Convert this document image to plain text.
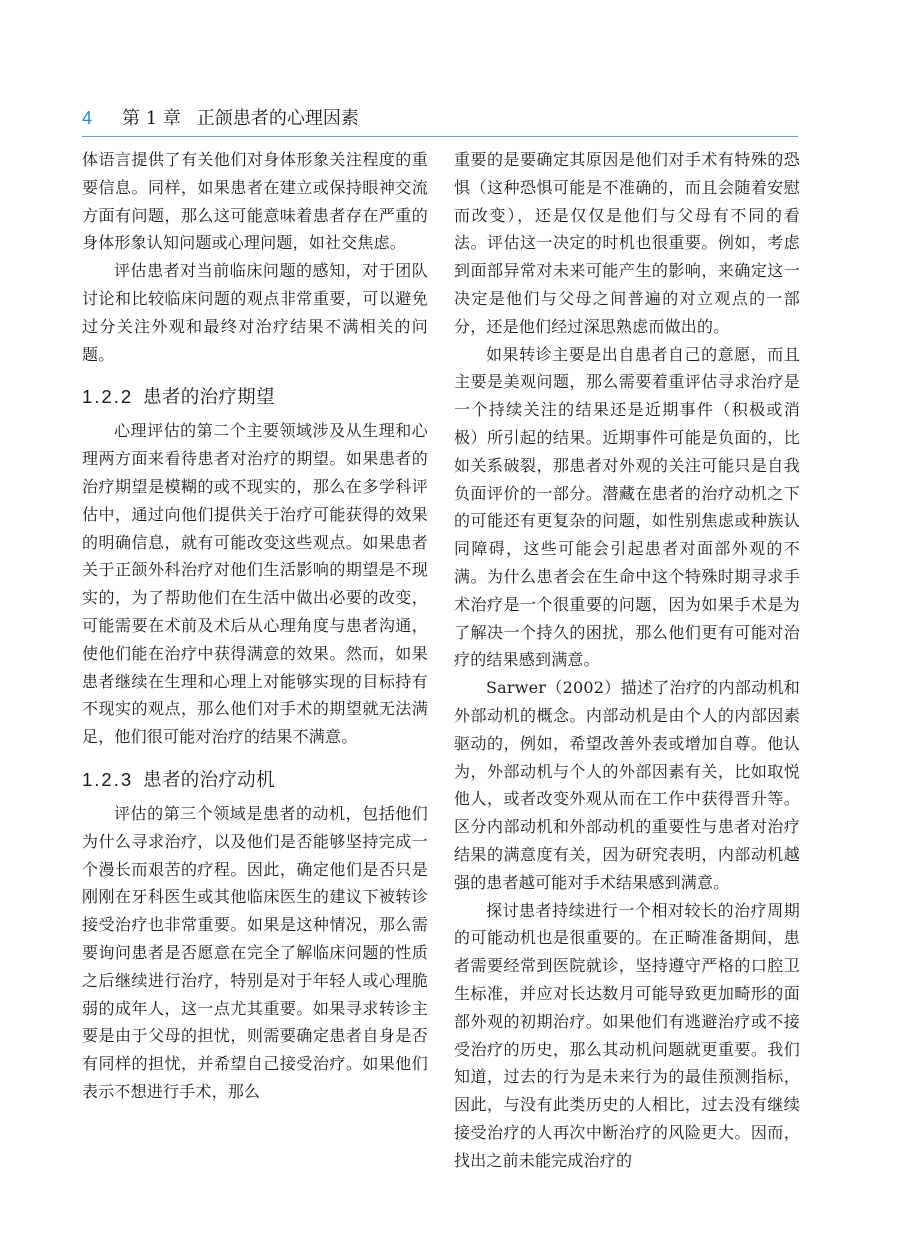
4 第 1 章 正颌患者的心理因素

体语言提供了有关他们对身体形象关注程度的重要信息。同样，如果患者在建立或保持眼神交流方面有问题，那么这可能意味着患者存在严重的身体形象认知问题或心理问题，如社交焦虑。

评估患者对当前临床问题的感知，对于团队讨论和比较临床问题的观点非常重要，可以避免过分关注外观和最终对治疗结果不满相关的问题。

1.2.2 患者的治疗期望

心理评估的第二个主要领域涉及从生理和心理两方面来看待患者对治疗的期望。如果患者的治疗期望是模糊的或不现实的，那么在多学科评估中，通过向他们提供关于治疗可能获得的效果的明确信息，就有可能改变这些观点。如果患者关于正颌外科治疗对他们生活影响的期望是不现实的，为了帮助他们在生活中做出必要的改变，可能需要在术前及术后从心理角度与患者沟通，使他们能在治疗中获得满意的效果。然而，如果患者继续在生理和心理上对能够实现的目标持有不现实的观点，那么他们对手术的期望就无法满足，他们很可能对治疗的结果不满意。

1.2.3 患者的治疗动机

评估的第三个领域是患者的动机，包括他们为什么寻求治疗，以及他们是否能够坚持完成一个漫长而艰苦的疗程。因此，确定他们是否只是刚刚在牙科医生或其他临床医生的建议下被转诊接受治疗也非常重要。如果是这种情况，那么需要询问患者是否愿意在完全了解临床问题的性质之后继续进行治疗，特别是对于年轻人或心理脆弱的成年人，这一点尤其重要。如果寻求转诊主要是由于父母的担忧，则需要确定患者自身是否有同样的担忧，并希望自己接受治疗。如果他们表示不想进行手术，那么

重要的是要确定其原因是他们对手术有特殊的恐惧（这种恐惧可能是不准确的，而且会随着安慰而改变），还是仅仅是他们与父母有不同的看法。评估这一决定的时机也很重要。例如，考虑到面部异常对未来可能产生的影响，来确定这一决定是他们与父母之间普遍的对立观点的一部分，还是他们经过深思熟虑而做出的。

如果转诊主要是出自患者自己的意愿，而且主要是美观问题，那么需要着重评估寻求治疗是一个持续关注的结果还是近期事件（积极或消极）所引起的结果。近期事件可能是负面的，比如关系破裂，那患者对外观的关注可能只是自我负面评价的一部分。潜藏在患者的治疗动机之下的可能还有更复杂的问题，如性别焦虑或种族认同障碍，这些可能会引起患者对面部外观的不满。为什么患者会在生命中这个特殊时期寻求手术治疗是一个很重要的问题，因为如果手术是为了解决一个持久的困扰，那么他们更有可能对治疗的结果感到满意。

Sarwer（2002）描述了治疗的内部动机和外部动机的概念。内部动机是由个人的内部因素驱动的，例如，希望改善外表或增加自尊。他认为，外部动机与个人的外部因素有关，比如取悦他人，或者改变外观从而在工作中获得晋升等。区分内部动机和外部动机的重要性与患者对治疗结果的满意度有关，因为研究表明，内部动机越强的患者越可能对手术结果感到满意。

探讨患者持续进行一个相对较长的治疗周期的可能动机也是很重要的。在正畸准备期间，患者需要经常到医院就诊，坚持遵守严格的口腔卫生标准，并应对长达数月可能导致更加畸形的面部外观的初期治疗。如果他们有逃避治疗或不接受治疗的历史，那么其动机问题就更重要。我们知道，过去的行为是未来行为的最佳预测指标，因此，与没有此类历史的人相比，过去没有继续接受治疗的人再次中断治疗的风险更大。因而，找出之前未能完成治疗的
